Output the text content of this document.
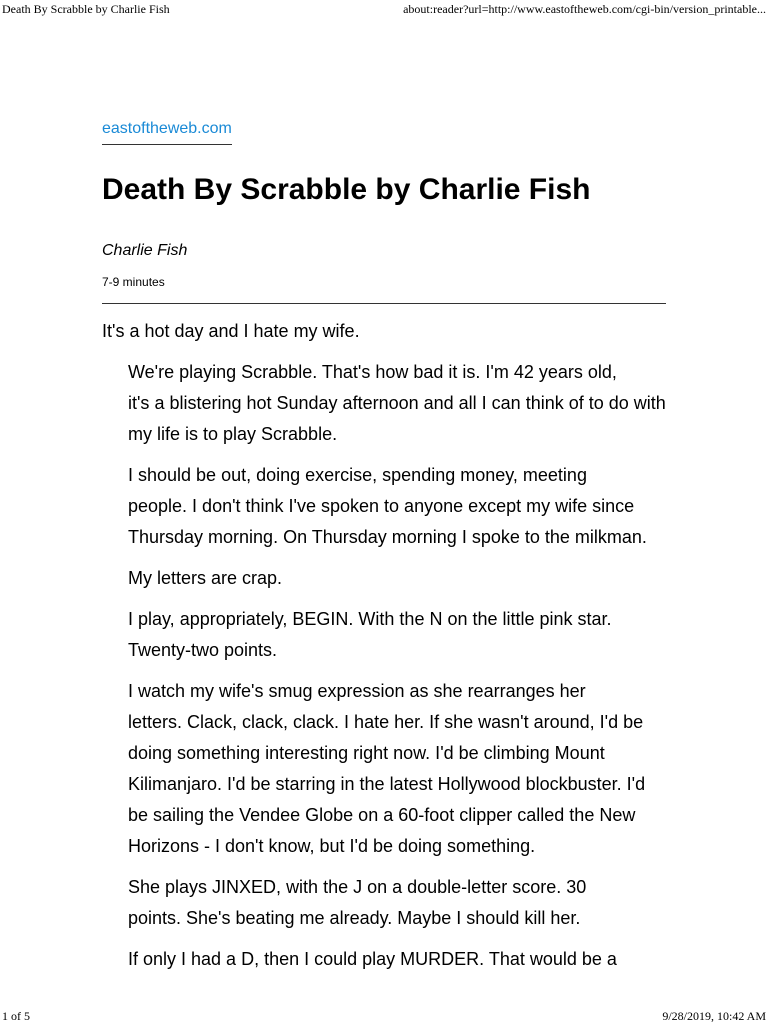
Death By Scrabble by Charlie Fish	about:reader?url=http://www.eastoftheweb.com/cgi-bin/version_printable...
eastoftheweb.com
Death By Scrabble by Charlie Fish
Charlie Fish
7-9 minutes

It's a hot day and I hate my wife.

We're playing Scrabble. That's how bad it is. I'm 42 years old,
it's a blistering hot Sunday afternoon and all I can think of to do with
my life is to play Scrabble.

I should be out, doing exercise, spending money, meeting
people. I don't think I've spoken to anyone except my wife since
Thursday morning. On Thursday morning I spoke to the milkman.

My letters are crap.

I play, appropriately, BEGIN. With the N on the little pink star.
Twenty-two points.

I watch my wife's smug expression as she rearranges her
letters. Clack, clack, clack. I hate her. If she wasn't around, I'd be
doing something interesting right now. I'd be climbing Mount
Kilimanjaro. I'd be starring in the latest Hollywood blockbuster. I'd
be sailing the Vendee Globe on a 60-foot clipper called the New
Horizons - I don't know, but I'd be doing something.

She plays JINXED, with the J on a double-letter score. 30
points. She's beating me already. Maybe I should kill her.

If only I had a D, then I could play MURDER. That would be a

1 of 5	9/28/2019, 10:42 AM
